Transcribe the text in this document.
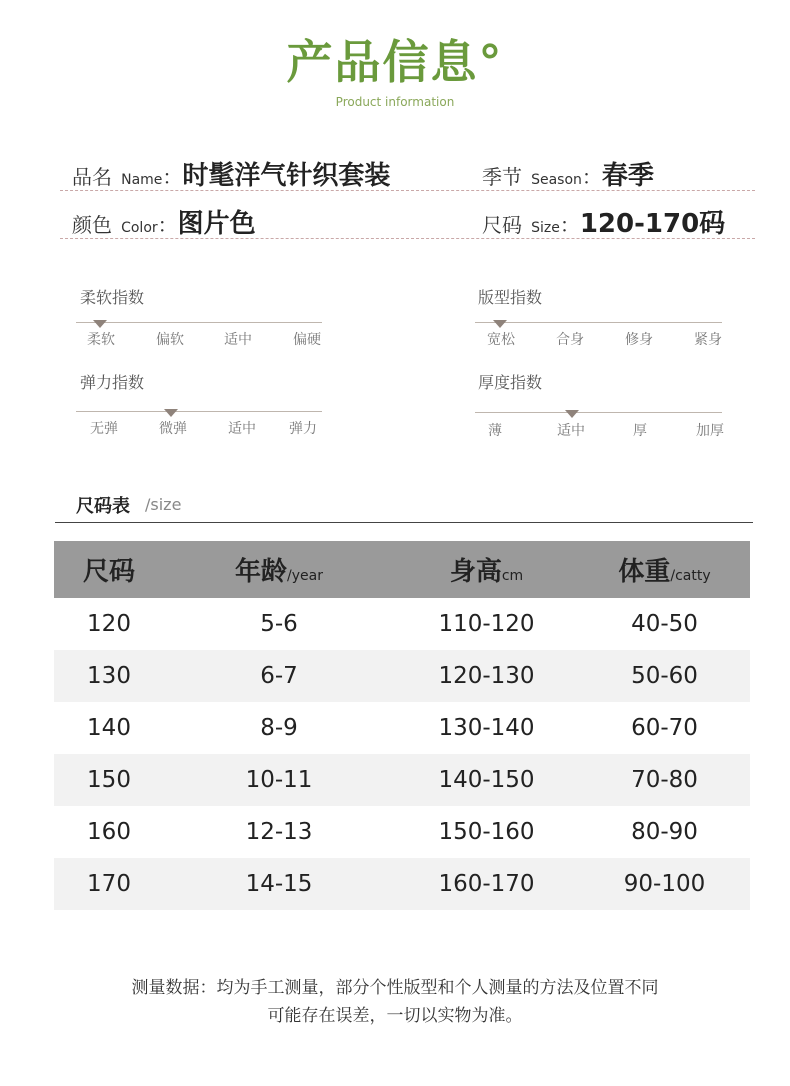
产品信息°
Product information
品名 Name：时髦洋气针织套装	季节 Season：春季
颜色 Color：图片色	尺码 Size：120-170码
柔软指数
柔软	偏软	适中	偏硬
版型指数
宽松	合身	修身	紧身
弹力指数
无弹	微弹	适中	弹力
厚度指数
薄	适中	厚	加厚
尺码表 /size
尺码	年龄/year	身高cm	体重/catty
120	5-6	110-120	40-50
130	6-7	120-130	50-60
140	8-9	130-140	60-70
150	10-11	140-150	70-80
160	12-13	150-160	80-90
170	14-15	160-170	90-100
测量数据：均为手工测量，部分个性版型和个人测量的方法及位置不同
可能存在误差，一切以实物为准。
